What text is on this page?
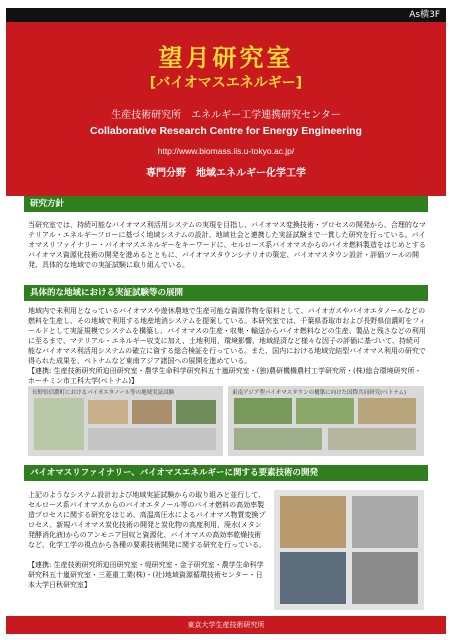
As横3F
望月研究室
[バイオマスエネルギー]
生産技術研究所　エネルギー工学連携研究センター
Collaborative Research Centre for Energy Engineering
http://www.biomass.iis.u-tokyo.ac.jp/
専門分野　地域エネルギー化学工学
研究方針
当研究室では、持続可能なバイオマス利活用システムの実現を目指し、バイオマス変換技術・プロセスの開発から、合理的なマテリアル・エネルギーフローに基づく地域システムの設計、地域社会と連携した実証試験まで一貫した研究を行っている。バイオマスリファイナリー・バイオマスエネルギーをキーワードに、セルロース系バイオマスからのバイオ燃料製造をはじめとするバイオマス資源化技術の開発を進めるとともに、バイオマスタウンシナリオの策定、バイオマスタウン設計・評価ツールの開発、具体的な地域での実証試験に取り組んでいる。
具体的な地域における実証試験等の展開
地域内で未利用となっているバイオマスや遊休農地で生産可能な資源作物を原料として、バイオガスやバイオエタノールなどの燃料を生産し、その地域で利用する地産地消システムを提案している。本研究室では、千葉県香取市および長野県信濃町をフィールドとして実証規模でシステムを構築し、バイオマスの生産・収集・輸送からバイオ燃料などの生産、製品と残さなどの利用に至るまで、マテリアル・エネルギー収支に加え、土地利用、環境影響、地域経済など様々な因子の評価に基づいて、持続可能なバイオマス利活用システムの確立に資する総合検証を行っている。また、国内における地域完結型バイオマス利用の研究で得られた成果を、ベトナムなど東南アジア諸国への展開を進めている。
【連携: 生産技術研究所迫田研究室・農学生命科学研究科五十嵐研究室・(独)農研機構農村工学研究所・(株)総合環境研究所・ホーチミン市工科大学(ベトナム)】
長野県信濃町におけるバイオエタノール等の地域実証試験	東南アジア型バイオマスタウンの構築に向けた国際共同研究(ベトナム)
バイオマスリファイナリー、バイオマスエネルギーに関する要素技術の開発
上記のようなシステム設計および地域実証試験からの取り組みと並行して、セルロース系バイオマスからのバイオエタノール等のバイオ燃料の高効率製造プロセスに関する研究をはじめ、高温高圧水によるバイオマス物質変換プロセス、新規バイオマス炭化技術の開発と炭化物の高度利用、廃水(メタン発酵消化液)からのアンモニア回収と資源化、バイオマスの高効率乾燥技術など、化学工学の視点から各種の要素技術開発に関する研究を行っている。
【連携: 生産技術研究所迫田研究室・堤研究室・金子研究室・農学生命科学研究科五十嵐研究室・三菱重工業(株)・(社)地域資源循環技術センター・日本大学日秋研究室】
東京大学生産技術研究所
